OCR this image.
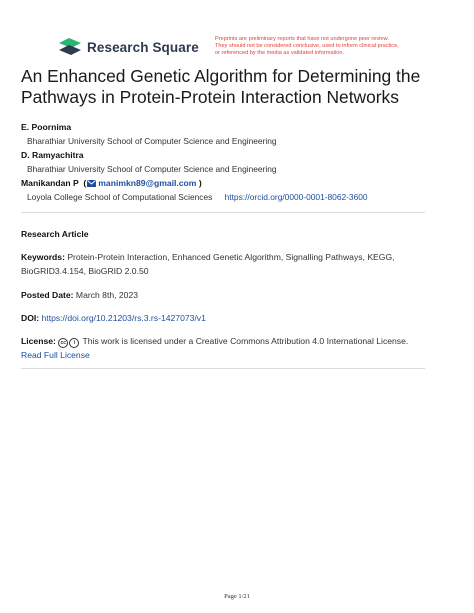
Research Square
Preprints are preliminary reports that have not undergone peer review.
They should not be considered conclusive, used to inform clinical practice,
or referenced by the media as validated information.
An Enhanced Genetic Algorithm for Determining the Pathways in Protein-Protein Interaction Networks
E. Poornima
Bharathiar University School of Computer Science and Engineering
D. Ramyachitra
Bharathiar University School of Computer Science and Engineering
Manikandan P  ( manimkn89@gmail.com )
Loyola College School of Computational Sciences https://orcid.org/0000-0001-8062-3600
Research Article
Keywords: Protein-Protein Interaction, Enhanced Genetic Algorithm, Signalling Pathways, KEGG, BioGRID3.4.154, BioGRID 2.0.50
Posted Date: March 8th, 2023
DOI: https://doi.org/10.21203/rs.3.rs-1427073/v1
License: cc i This work is licensed under a Creative Commons Attribution 4.0 International License.
Read Full License
Page 1/21
